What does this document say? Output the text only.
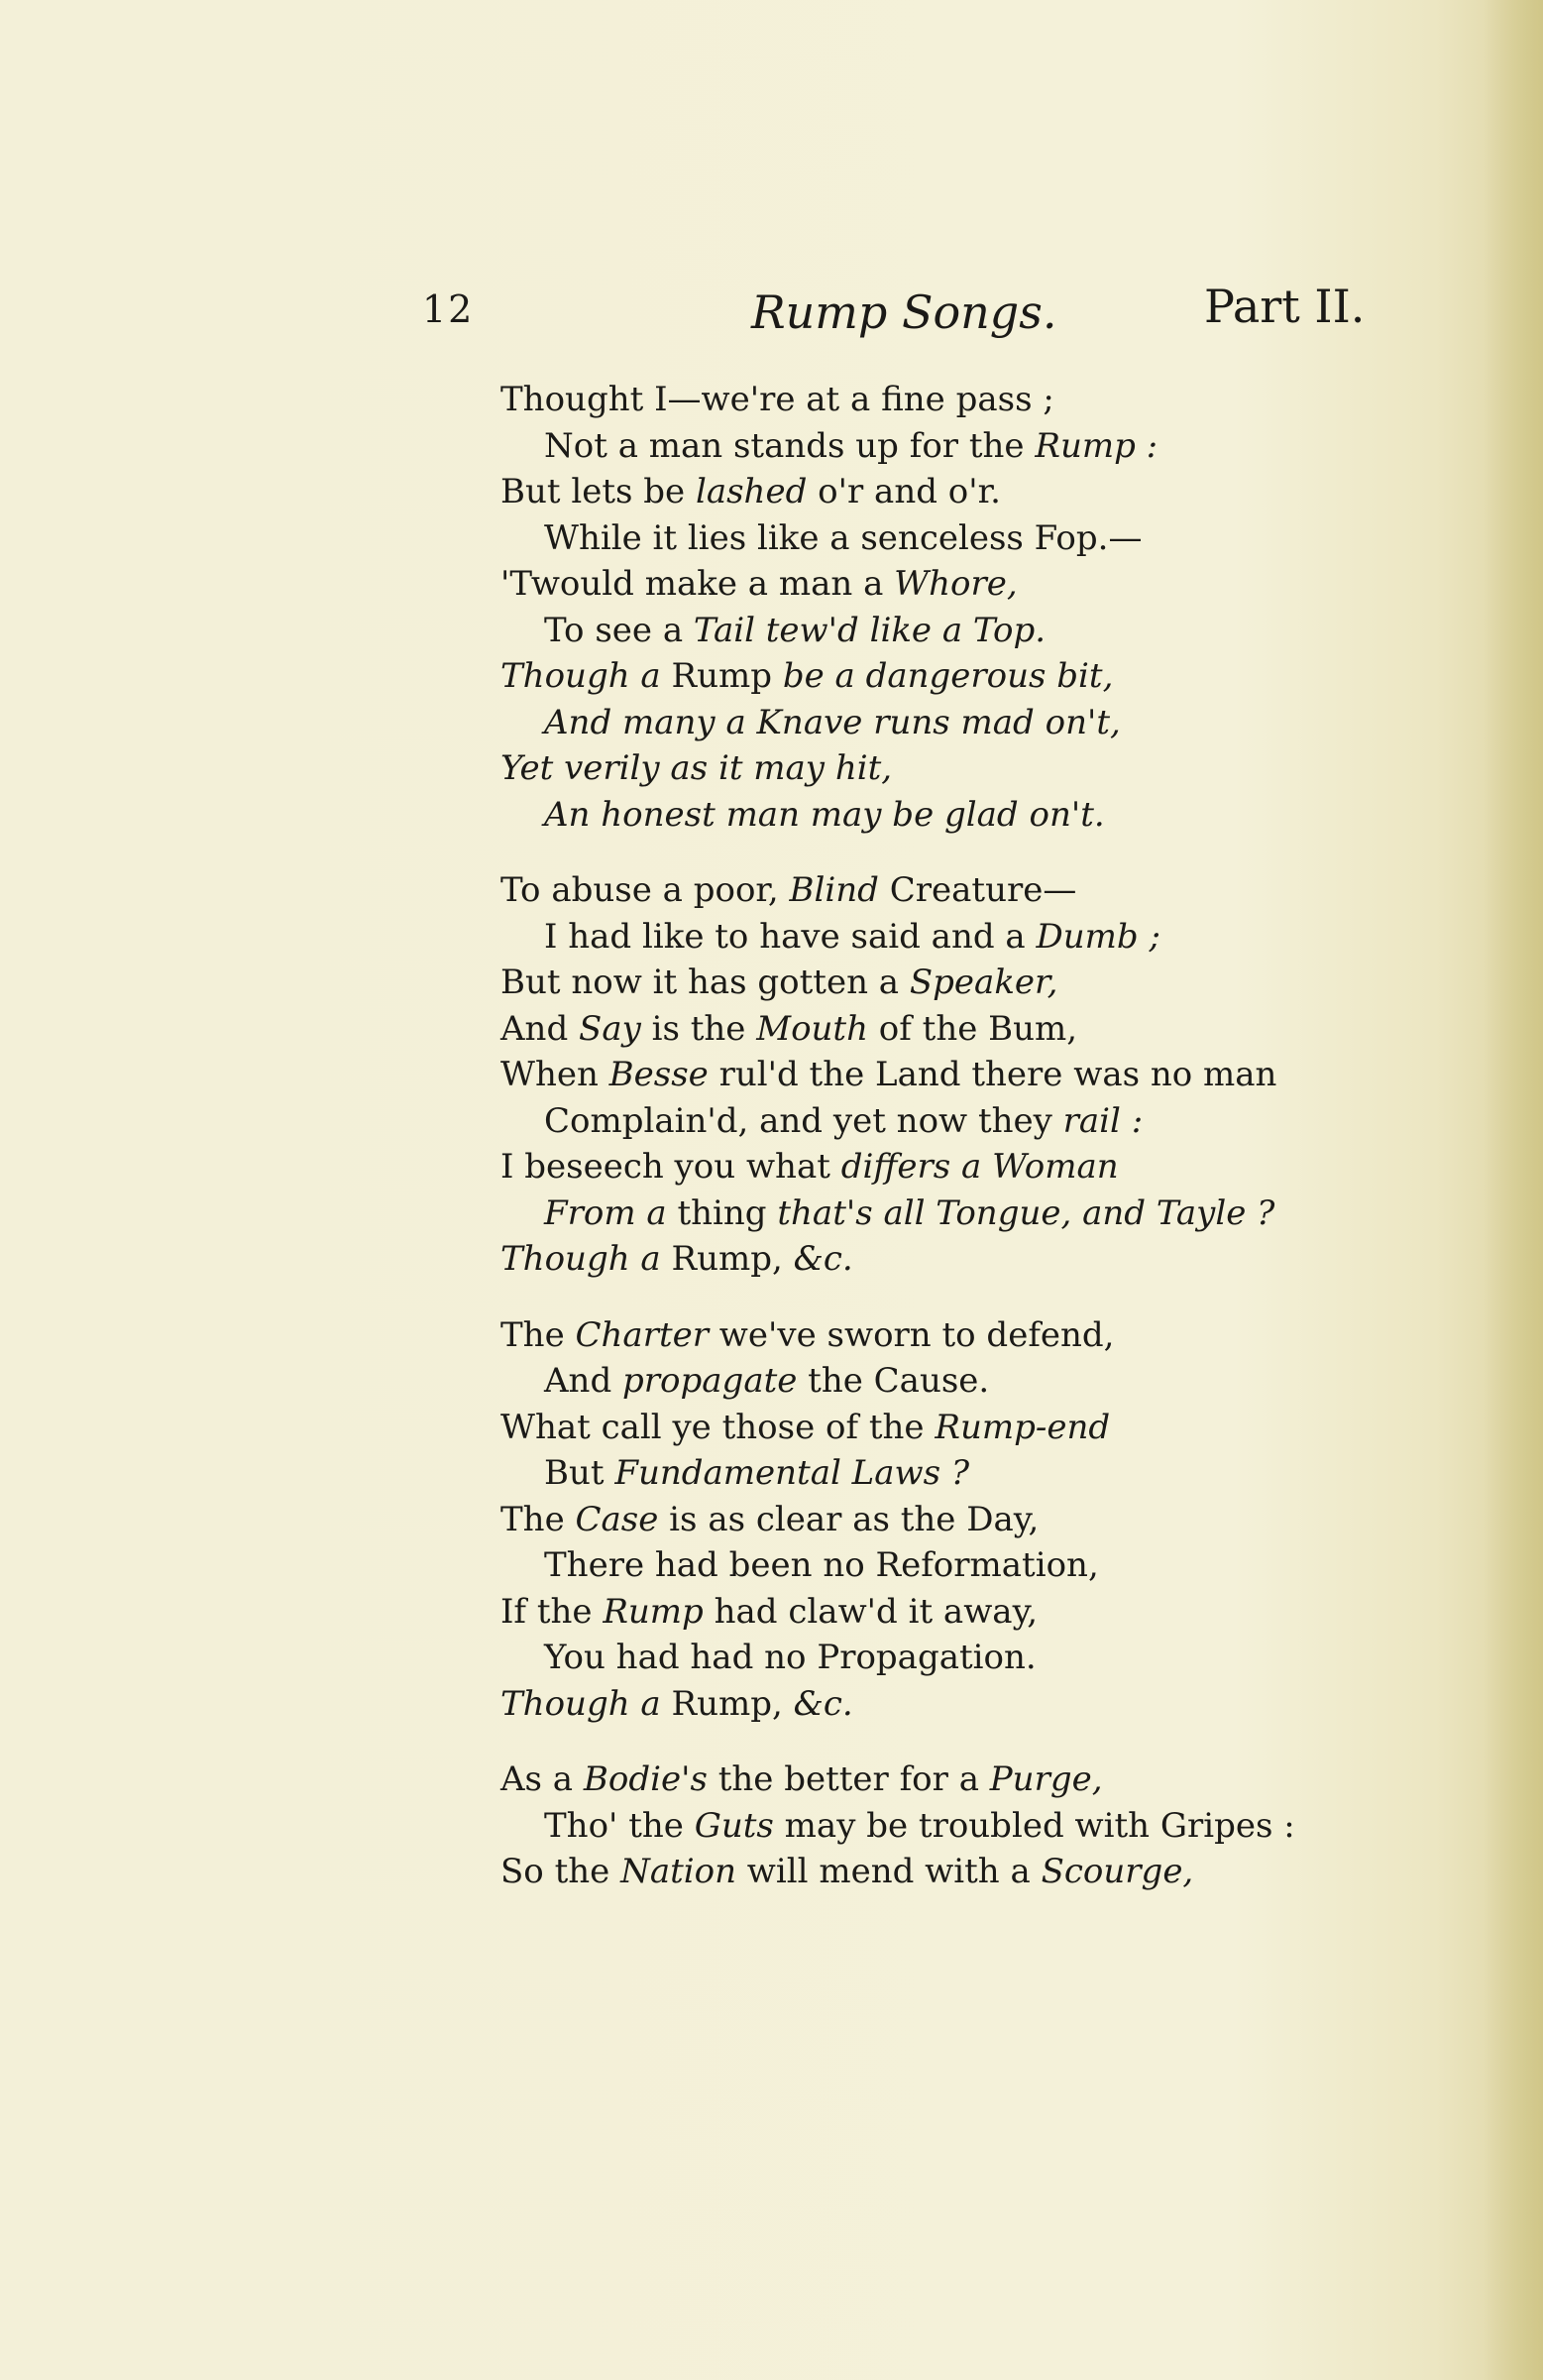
12	Rump Songs.	Part II.
Thought I—we're at a fine pass ;
Not a man stands up for the Rump :
But lets be lashed o'r and o'r.
While it lies like a senceless Fop.—
'Twould make a man a Whore,
To see a Tail tew'd like a Top.
Though a Rump be a dangerous bit,
And many a Knave runs mad on't,
Yet verily as it may hit,
An honest man may be glad on't.
To abuse a poor, Blind Creature—
I had like to have said and a Dumb ;
But now it has gotten a Speaker,
And Say is the Mouth of the Bum,
When Besse rul'd the Land there was no man
Complain'd, and yet now they rail :
I beseech you what differs a Woman
From a thing that's all Tongue, and Tayle ?
Though a Rump, &c.
The Charter we've sworn to defend,
And propagate the Cause.
What call ye those of the Rump-end
But Fundamental Laws ?
The Case is as clear as the Day,
There had been no Reformation,
If the Rump had claw'd it away,
You had had no Propagation.
Though a Rump, &c.
As a Bodie's the better for a Purge,
Tho' the Guts may be troubled with Gripes :
So the Nation will mend with a Scourge,
